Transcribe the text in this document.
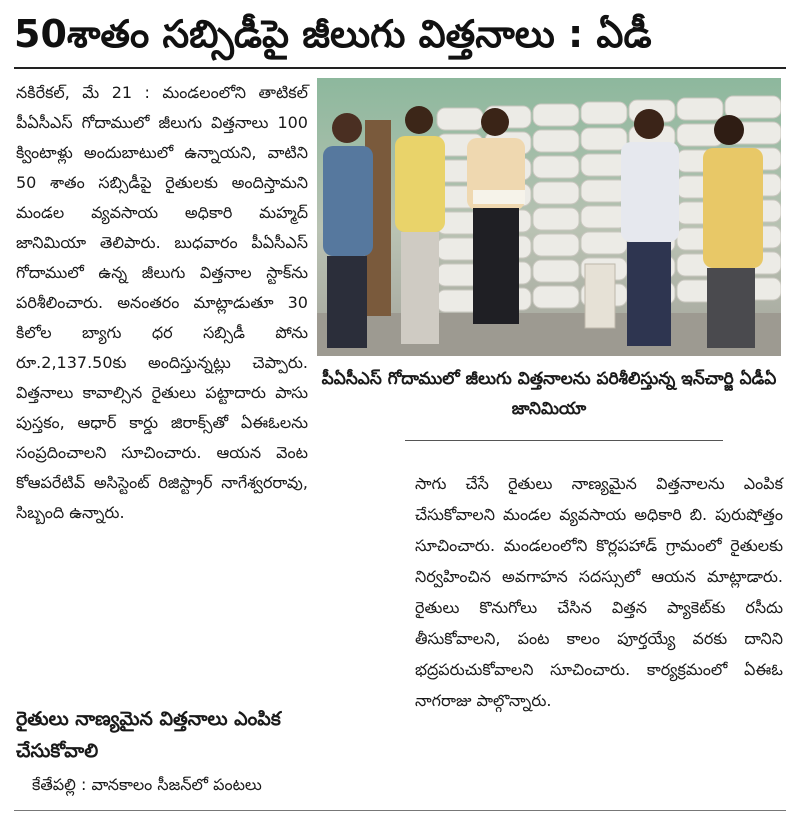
50శాతం సబ్సిడీపై జీలుగు విత్తనాలు : ఏడీ

నకిరేకల్, మే 21 : మండలంలోని తాటికల్ పీఏసీఎస్ గోదాములో జీలుగు విత్తనాలు 100 క్వింటాళ్లు అందుబాటులో ఉన్నాయని, వాటిని 50 శాతం సబ్సిడీపై రైతులకు అందిస్తామని మండల వ్యవసాయ అధికారి మహ్మద్ జానిమియా తెలిపారు. బుధవారం పీఏసీఎస్ గోదాములో ఉన్న జీలుగు విత్తనాల స్టాక్‌ను పరిశీలించారు. అనంతరం మాట్లాడుతూ 30 కిలోల బ్యాగు ధర సబ్సిడీ పోను రూ.2,137.50కు అందిస్తున్నట్లు చెప్పారు. విత్తనాలు కావాల్సిన రైతులు పట్టాదారు పాసు పుస్తకం, ఆధార్ కార్డు జిరాక్స్‌తో ఏఈఓలను సంప్రదించాలని సూచించారు. ఆయన వెంట కోఆపరేటివ్ అసిస్టెంట్ రిజిస్ట్రార్ నాగేశ్వరరావు, సిబ్బంది ఉన్నారు.

పీఏసీఎస్ గోదాములో జీలుగు విత్తనాలను పరిశీలిస్తున్న ఇన్‌చార్జి ఏడీఏ జానిమియా
రైతులు నాణ్యమైన విత్తనాలు ఎంపిక చేసుకోవాలి
కేతేపల్లి : వానకాలం సీజన్‌లో పంటలు

సాగు చేసే రైతులు నాణ్యమైన విత్తనాలను ఎంపిక చేసుకోవాలని మండల వ్యవసాయ అధికారి బి. పురుషోత్తం సూచించారు. మండలంలోని కొర్లపహాడ్ గ్రామంలో రైతులకు నిర్వహించిన అవగాహన సదస్సులో ఆయన మాట్లాడారు. రైతులు కొనుగోలు చేసిన విత్తన ప్యాకెట్‌కు రసీదు తీసుకోవాలని, పంట కాలం పూర్తయ్యే వరకు దానిని భద్రపరుచుకోవాలని సూచించారు. కార్యక్రమంలో ఏఈఓ నాగరాజు పాల్గొన్నారు.
